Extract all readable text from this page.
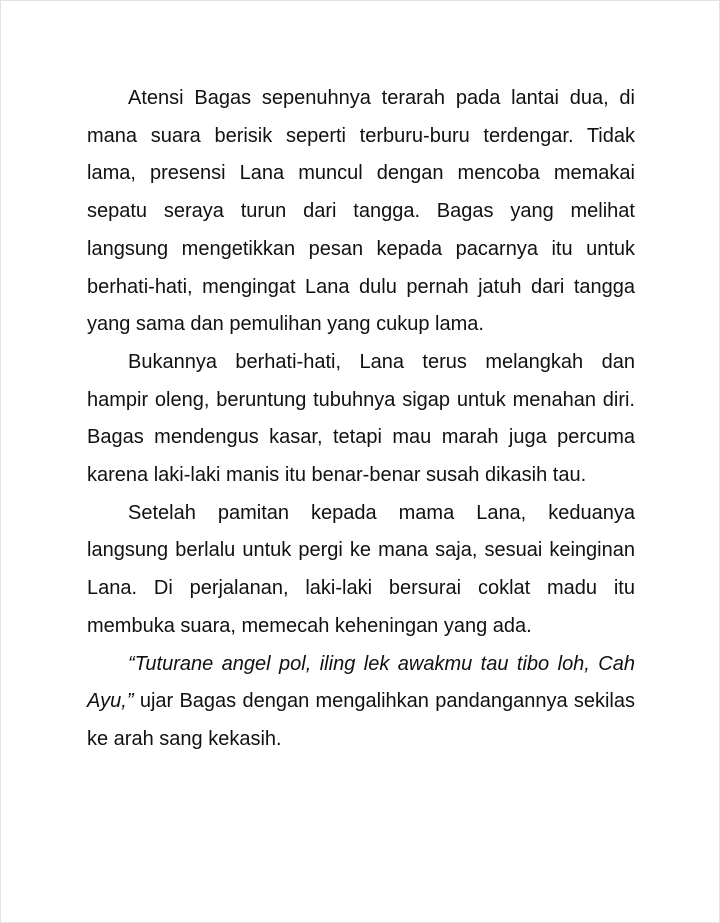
Atensi Bagas sepenuhnya terarah pada lantai dua, di mana suara berisik seperti terburu-buru terdengar. Tidak lama, presensi Lana muncul dengan mencoba memakai sepatu seraya turun dari tangga. Bagas yang melihat langsung mengetikkan pesan kepada pacarnya itu untuk berhati-hati, mengingat Lana dulu pernah jatuh dari tangga yang sama dan pemulihan yang cukup lama.

Bukannya berhati-hati, Lana terus melangkah dan hampir oleng, beruntung tubuhnya sigap untuk menahan diri. Bagas mendengus kasar, tetapi mau marah juga percuma karena laki-laki manis itu benar-benar susah dikasih tau.

Setelah pamitan kepada mama Lana, keduanya langsung berlalu untuk pergi ke mana saja, sesuai keinginan Lana. Di perjalanan, laki-laki bersurai coklat madu itu membuka suara, memecah keheningan yang ada.

“Tuturane angel pol, iling lek awakmu tau tibo loh, Cah Ayu,” ujar Bagas dengan mengalihkan pandangannya sekilas ke arah sang kekasih.
